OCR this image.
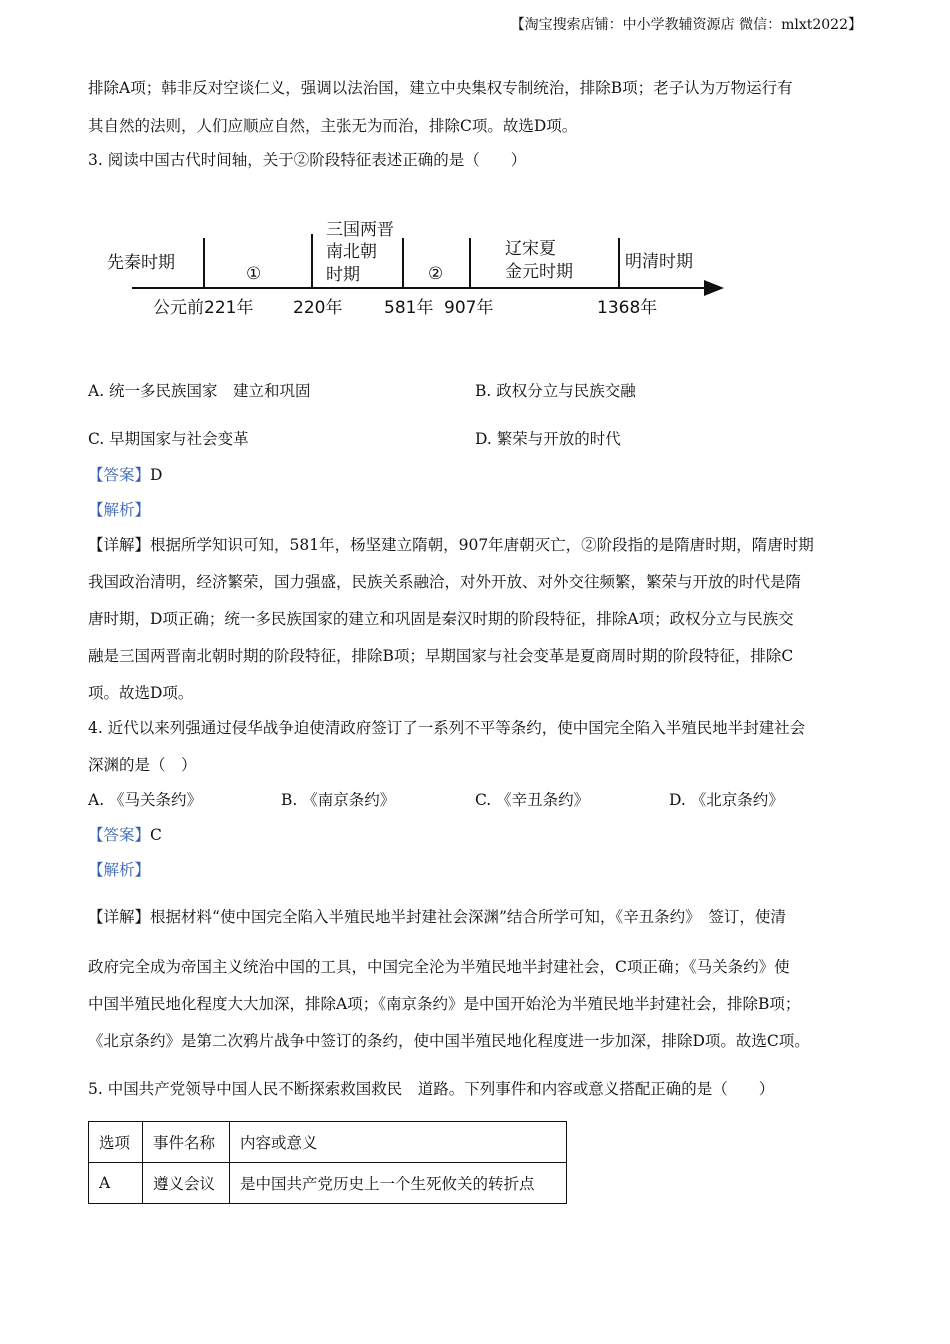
【淘宝搜索店铺：中小学教辅资源店 微信：mlxt2022】
排除A项；韩非反对空谈仁义，强调以法治国，建立中央集权专制统治，排除B项；老子认为万物运行有
其自然的法则，人们应顺应自然，主张无为而治，排除C项。故选D项。
3. 阅读中国古代时间轴，关于②阶段特征表述正确的是（　　）
先秦时期
①
三国两晋
南北朝
时期	②
辽宋夏
金元时期	明清时期
公元前221年 220年 581年 907年	1368年
A. 统一多民族国家　建立和巩固	B. 政权分立与民族交融
C. 早期国家与社会变革	D. 繁荣与开放的时代
【答案】D
【解析】
【详解】根据所学知识可知，581年，杨坚建立隋朝，907年唐朝灭亡，②阶段指的是隋唐时期，隋唐时期
我国政治清明，经济繁荣，国力强盛，民族关系融洽，对外开放、对外交往频繁，繁荣与开放的时代是隋
唐时期，D项正确；统一多民族国家的建立和巩固是秦汉时期的阶段特征，排除A项；政权分立与民族交
融是三国两晋南北朝时期的阶段特征，排除B项；早期国家与社会变革是夏商周时期的阶段特征，排除C
项。故选D项。
4. 近代以来列强通过侵华战争迫使清政府签订了一系列不平等条约，使中国完全陷入半殖民地半封建社会
深渊的是（　）
A. 《马关条约》	B. 《南京条约》	C. 《辛丑条约》	D. 《北京条约》
【答案】C
【解析】
【详解】根据材料“使中国完全陷入半殖民地半封建社会深渊”结合所学可知，《辛丑条约》　签订，使清
政府完全成为帝国主义统治中国的工具，中国完全沦为半殖民地半封建社会，C项正确；《马关条约》使
中国半殖民地化程度大大加深，排除A项；《南京条约》是中国开始沦为半殖民地半封建社会，排除B项；
《北京条约》是第二次鸦片战争中签订的条约，使中国半殖民地化程度进一步加深，排除D项。故选C项。
5. 中国共产党领导中国人民不断探索救国救民　道路。下列事件和内容或意义搭配正确的是（　　）
选项	事件名称	内容或意义
A	遵义会议	是中国共产党历史上一个生死攸关的转折点
